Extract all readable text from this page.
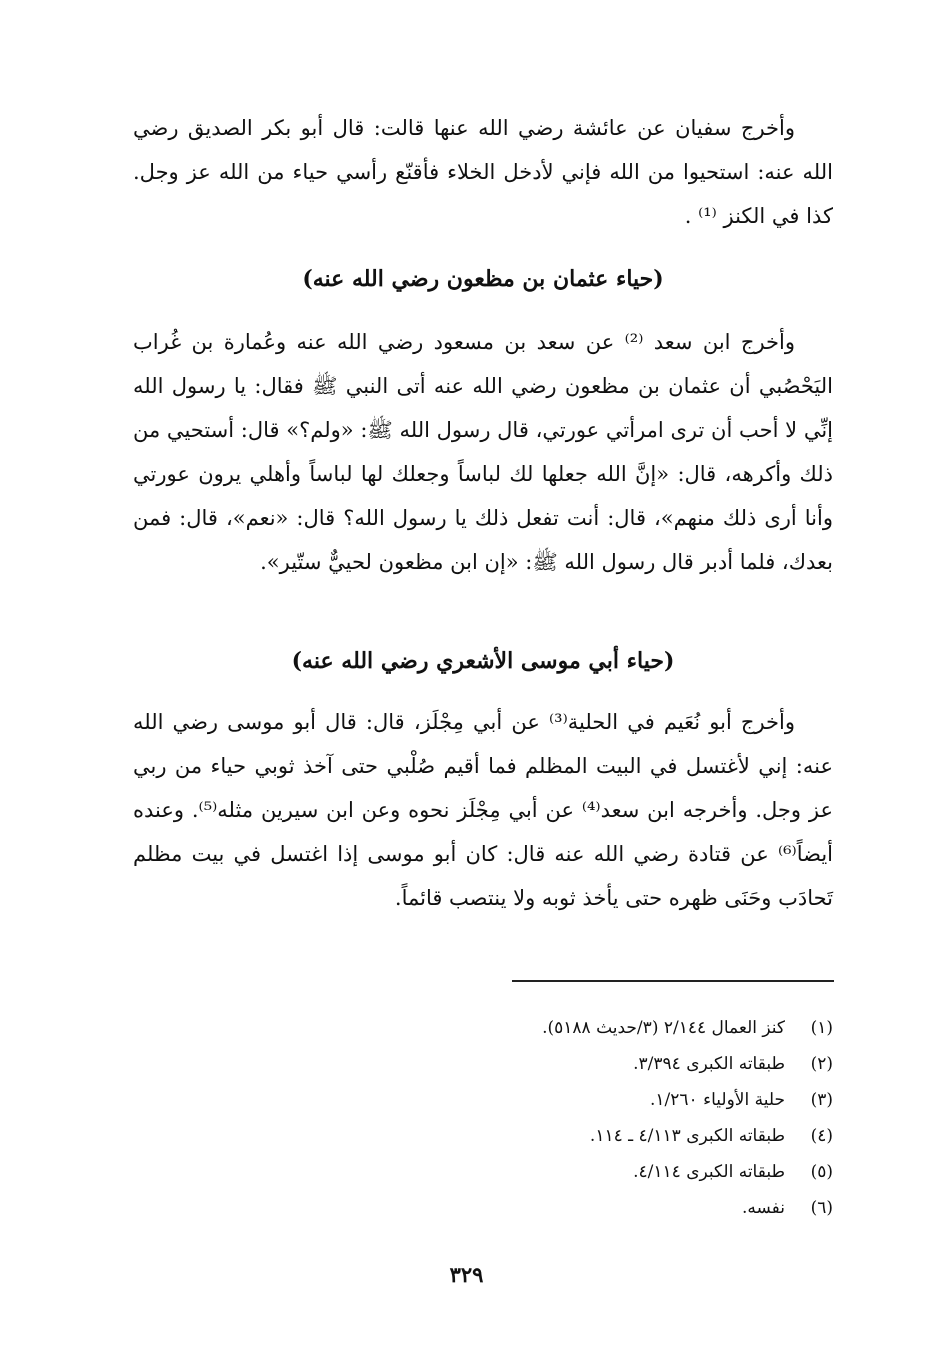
وأخرج سفيان عن عائشة رضي الله عنها قالت: قال أبو بكر الصديق رضي الله عنه: استحيوا من الله فإني لأدخل الخلاء فأقنّع رأسي حياء من الله عز وجل. كذا في الكنز ⁽¹⁾ .

(حياء عثمان بن مظعون رضي الله عنه)

وأخرج ابن سعد ⁽²⁾ عن سعد بن مسعود رضي الله عنه وعُمارة بن غُراب اليَحْصُبي أن عثمان بن مظعون رضي الله عنه أتى النبي ﷺ فقال: يا رسول الله إنِّي لا أحب أن ترى امرأتي عورتي، قال رسول الله ﷺ: «ولم؟» قال: أستحيي من ذلك وأكرهه، قال: «إنَّ الله جعلها لك لباساً وجعلك لها لباساً وأهلي يرون عورتي وأنا أرى ذلك منهم»، قال: أنت تفعل ذلك يا رسول الله؟ قال: «نعم»، قال: فمن بعدك، فلما أدبر قال رسول الله ﷺ: «إن ابن مظعون لحييٌّ ستّير».

(حياء أبي موسى الأشعري رضي الله عنه)

وأخرج أبو نُعَيم في الحلية⁽³⁾ عن أبي مِجْلَز، قال: قال أبو موسى رضي الله عنه: إني لأغتسل في البيت المظلم فما أقيم صُلْبي حتى آخذ ثوبي حياء من ربي عز وجل. وأخرجه ابن سعد⁽⁴⁾ عن أبي مِجْلَز نحوه وعن ابن سيرين مثله⁽⁵⁾. وعنده أيضاً⁽⁶⁾ عن قتادة رضي الله عنه قال: كان أبو موسى إذا اغتسل في بيت مظلم تَحادَب وحَنَى ظهره حتى يأخذ ثوبه ولا ينتصب قائماً.

(١)
كنز العمال ٢/١٤٤ (٣/حديث ٥١٨٨).
(٢)
طبقاته الكبرى ٣/٣٩٤.
(٣)
حلية الأولياء ١/٢٦٠.
(٤)
طبقاته الكبرى ٤/١١٣ ـ ١١٤.
(٥)
طبقاته الكبرى ٤/١١٤.
(٦)
نفسه.
٣٢٩
